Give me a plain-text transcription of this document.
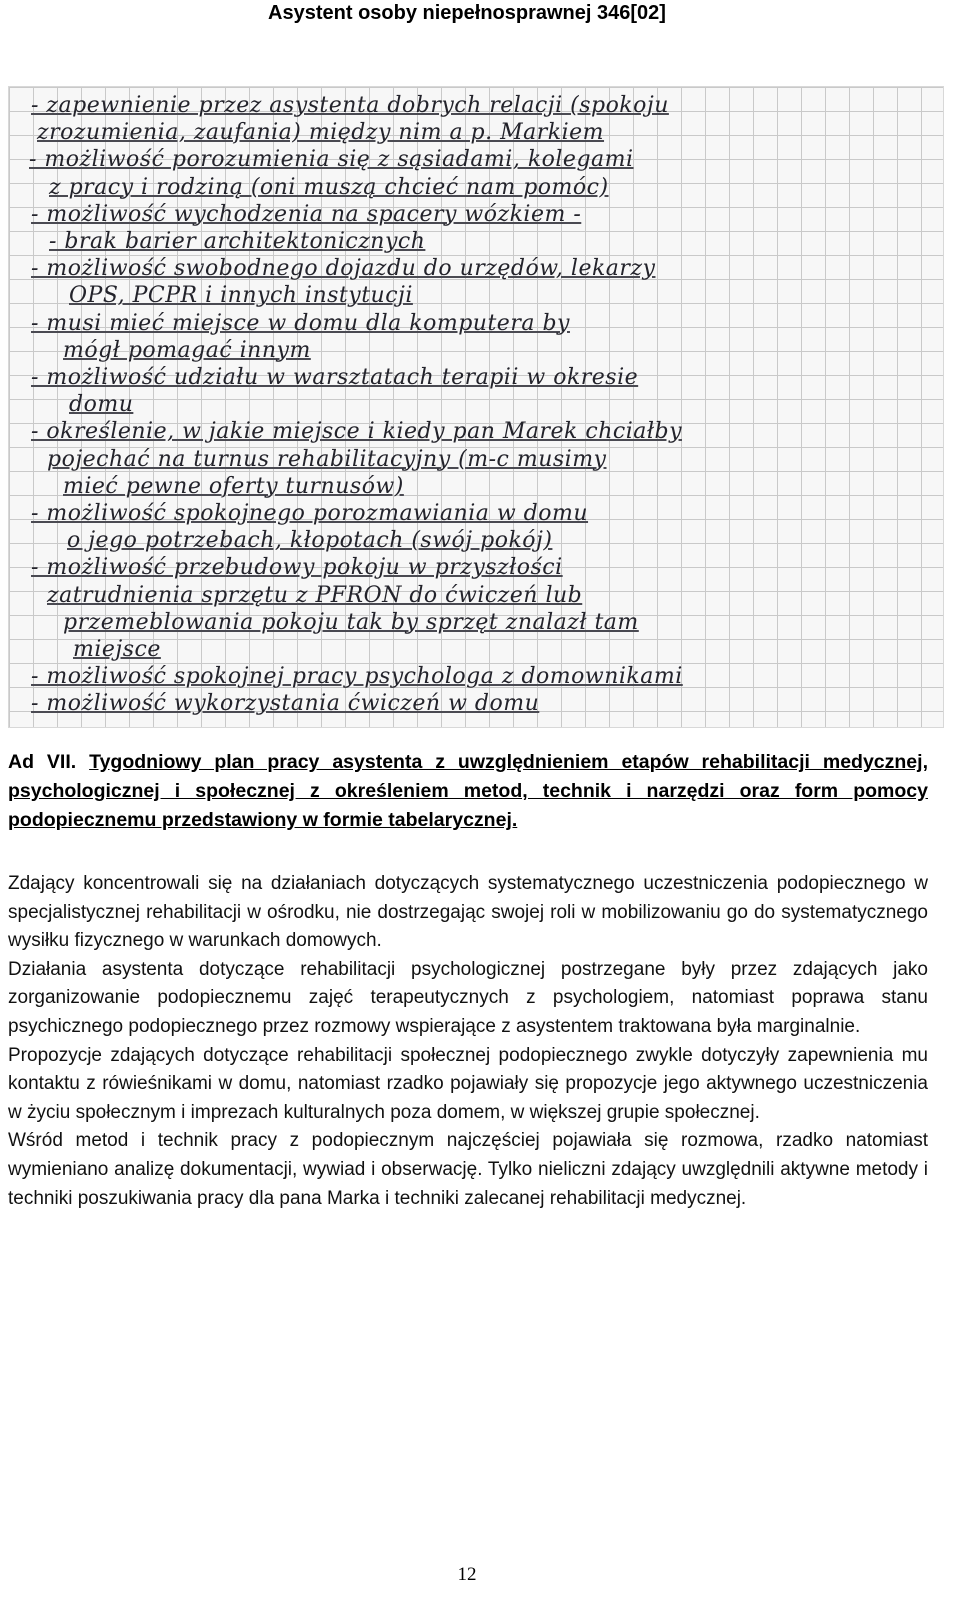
Asystent osoby niepełnosprawnej 346[02]
- zapewnienie przez asystenta dobrych relacji (spokoju
zrozumienia, zaufania) między nim a p. Markiem
- możliwość porozumienia się z sąsiadami, kolegami
z pracy i rodziną (oni muszą chcieć nam pomóc)
- możliwość wychodzenia na spacery wózkiem -
- brak barier architektonicznych
- możliwość swobodnego dojazdu do urzędów, lekarzy
OPS, PCPR i innych instytucji
- musi mieć miejsce w domu dla komputera by
mógł pomagać innym
- możliwość udziału w warsztatach terapii w okresie
domu
- określenie, w jakie miejsce i kiedy pan Marek chciałby
pojechać na turnus rehabilitacyjny (m-c musimy
mieć pewne oferty turnusów)
- możliwość spokojnego porozmawiania w domu
o jego potrzebach, kłopotach (swój pokój)
- możliwość przebudowy pokoju w przyszłości
zatrudnienia sprzętu z PFRON do ćwiczeń lub
przemeblowania pokoju tak by sprzęt znalazł tam
miejsce
- możliwość spokojnej pracy psychologa z domownikami
- możliwość wykorzystania ćwiczeń w domu
Ad VII. Tygodniowy plan pracy asystenta z uwzględnieniem etapów rehabilitacji medycznej, psychologicznej i społecznej z określeniem metod, technik i narzędzi oraz form pomocy podopiecznemu przedstawiony w formie tabelarycznej.

Zdający koncentrowali się na działaniach dotyczących systematycznego uczestniczenia podopiecznego w specjalistycznej rehabilitacji w ośrodku, nie dostrzegając swojej roli w mobilizowaniu go do systematycznego wysiłku fizycznego w warunkach domowych.

Działania asystenta dotyczące rehabilitacji psychologicznej postrzegane były przez zdających jako zorganizowanie podopiecznemu zajęć terapeutycznych z psychologiem, natomiast poprawa stanu psychicznego podopiecznego przez rozmowy wspierające z asystentem traktowana była marginalnie.

Propozycje zdających dotyczące rehabilitacji społecznej podopiecznego zwykle dotyczyły zapewnienia mu kontaktu z rówieśnikami w domu, natomiast rzadko pojawiały się propozycje jego aktywnego uczestniczenia w życiu społecznym i imprezach kulturalnych poza domem, w większej grupie społecznej.

Wśród metod i technik pracy z podopiecznym najczęściej pojawiała się rozmowa, rzadko natomiast wymieniano analizę dokumentacji, wywiad i obserwację. Tylko nieliczni zdający uwzględnili aktywne metody i techniki poszukiwania pracy dla pana Marka i techniki zalecanej rehabilitacji medycznej.

12
